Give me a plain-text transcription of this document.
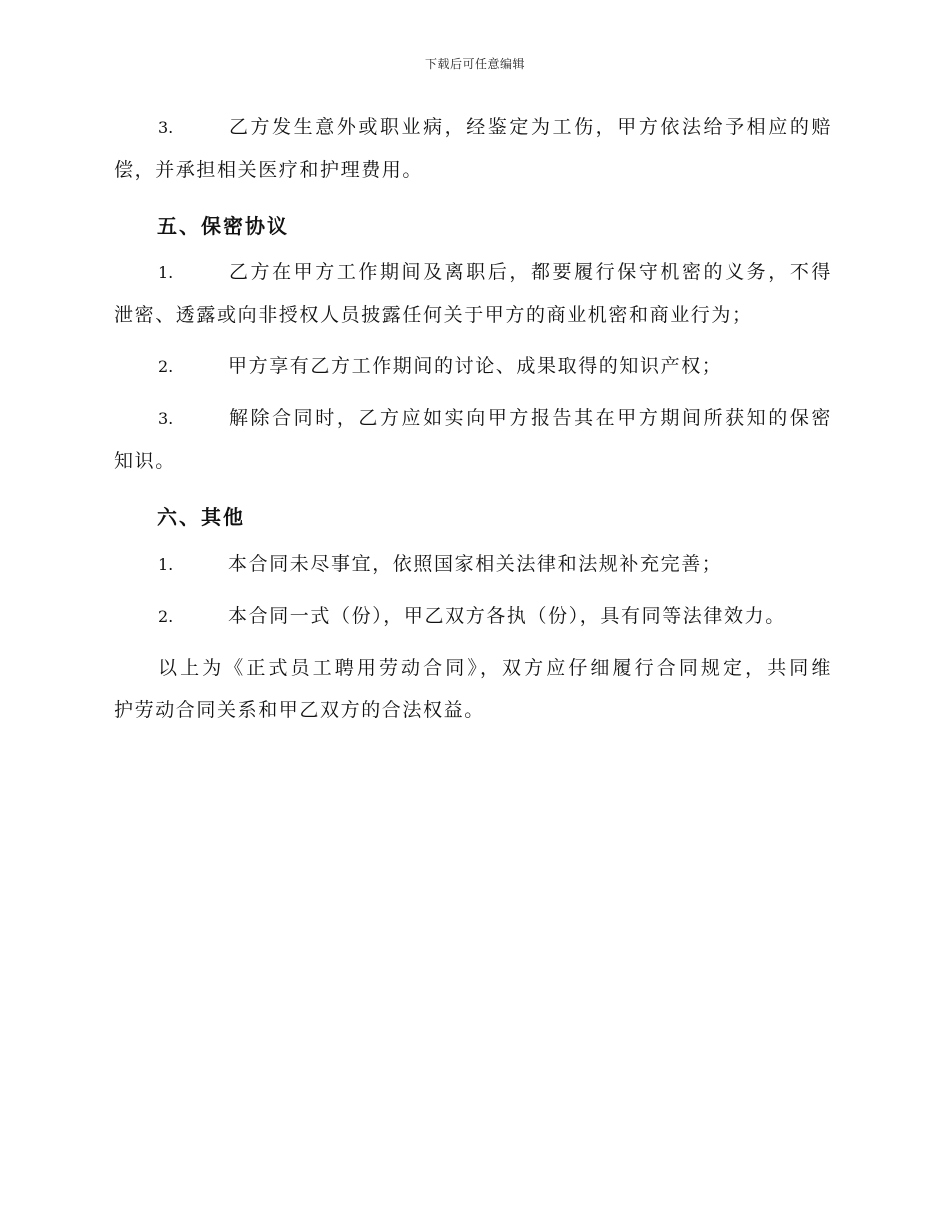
下载后可任意编辑
3.	乙方发生意外或职业病，经鉴定为工伤，甲方依法给予相应的赔
偿，并承担相关医疗和护理费用。
五、保密协议
1.	乙方在甲方工作期间及离职后，都要履行保守机密的义务，不得
泄密、透露或向非授权人员披露任何关于甲方的商业机密和商业行为；
2.	甲方享有乙方工作期间的讨论、成果取得的知识产权；
3.	解除合同时，乙方应如实向甲方报告其在甲方期间所获知的保密
知识。
六、其他
1.	本合同未尽事宜，依照国家相关法律和法规补充完善；
2.	本合同一式（份），甲乙双方各执（份），具有同等法律效力。
以上为《正式员工聘用劳动合同》，双方应仔细履行合同规定，共同维
护劳动合同关系和甲乙双方的合法权益。
